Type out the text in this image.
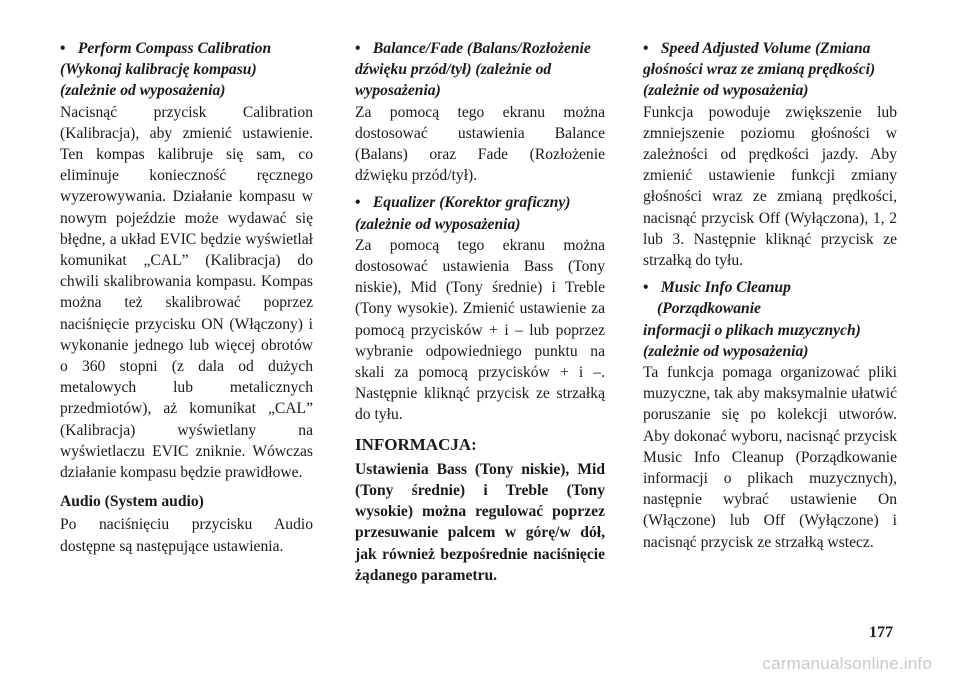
• Perform Compass Calibration
(Wykonaj kalibrację kompasu)
(zależnie od wyposażenia)

Nacisnąć przycisk Calibration (Kalibracja), aby zmienić ustawienie. Ten kompas kalibruje się sam, co eliminuje konieczność ręcznego wyzerowywania. Działanie kompasu w nowym pojeździe może wydawać się błędne, a układ EVIC będzie wyświetlał komunikat „CAL” (Kalibracja) do chwili skalibrowania kompasu. Kompas można też skalibrować poprzez naciśnięcie przycisku ON (Włączony) i wykonanie jednego lub więcej obrotów o 360 stopni (z dala od dużych metalowych lub metalicznych przedmiotów), aż komunikat „CAL” (Kalibracja) wyświetlany na wyświetlaczu EVIC zniknie. Wówczas działanie kompasu będzie prawidłowe.

Audio (System audio)

Po naciśnięciu przycisku Audio dostępne są następujące ustawienia.

• Balance/Fade (Balans/Rozłożenie
dźwięku przód/tył) (zależnie od
wyposażenia)

Za pomocą tego ekranu można dostosować ustawienia Balance (Balans) oraz Fade (Rozłożenie dźwięku przód/tył).

• Equalizer (Korektor graficzny)
(zależnie od wyposażenia)

Za pomocą tego ekranu można dostosować ustawienia Bass (Tony niskie), Mid (Tony średnie) i Treble (Tony wysokie). Zmienić ustawienie za pomocą przycisków + i – lub poprzez wybranie odpowiedniego punktu na skali za pomocą przycisków + i –. Następnie kliknąć przycisk ze strzałką do tyłu.

INFORMACJA:

Ustawienia Bass (Tony niskie), Mid (Tony średnie) i Treble (Tony wysokie) można regulować poprzez przesuwanie palcem w górę/w dół, jak również bezpośrednie naciśnięcie żądanego parametru.

• Speed Adjusted Volume (Zmiana
głośności wraz ze zmianą prędkości)
(zależnie od wyposażenia)

Funkcja powoduje zwiększenie lub zmniejszenie poziomu głośności w zależności od prędkości jazdy. Aby zmienić ustawienie funkcji zmiany głośności wraz ze zmianą prędkości, nacisnąć przycisk Off (Wyłączona), 1, 2 lub 3. Następnie kliknąć przycisk ze strzałką do tyłu.

• Music Info Cleanup (Porządkowanie
informacji o plikach muzycznych)
(zależnie od wyposażenia)

Ta funkcja pomaga organizować pliki muzyczne, tak aby maksymalnie ułatwić poruszanie się po kolekcji utworów. Aby dokonać wyboru, nacisnąć przycisk Music Info Cleanup (Porządkowanie informacji o plikach muzycznych), następnie wybrać ustawienie On (Włączone) lub Off (Wyłączone) i nacisnąć przycisk ze strzałką wstecz.

177
carmanualsonline.info
